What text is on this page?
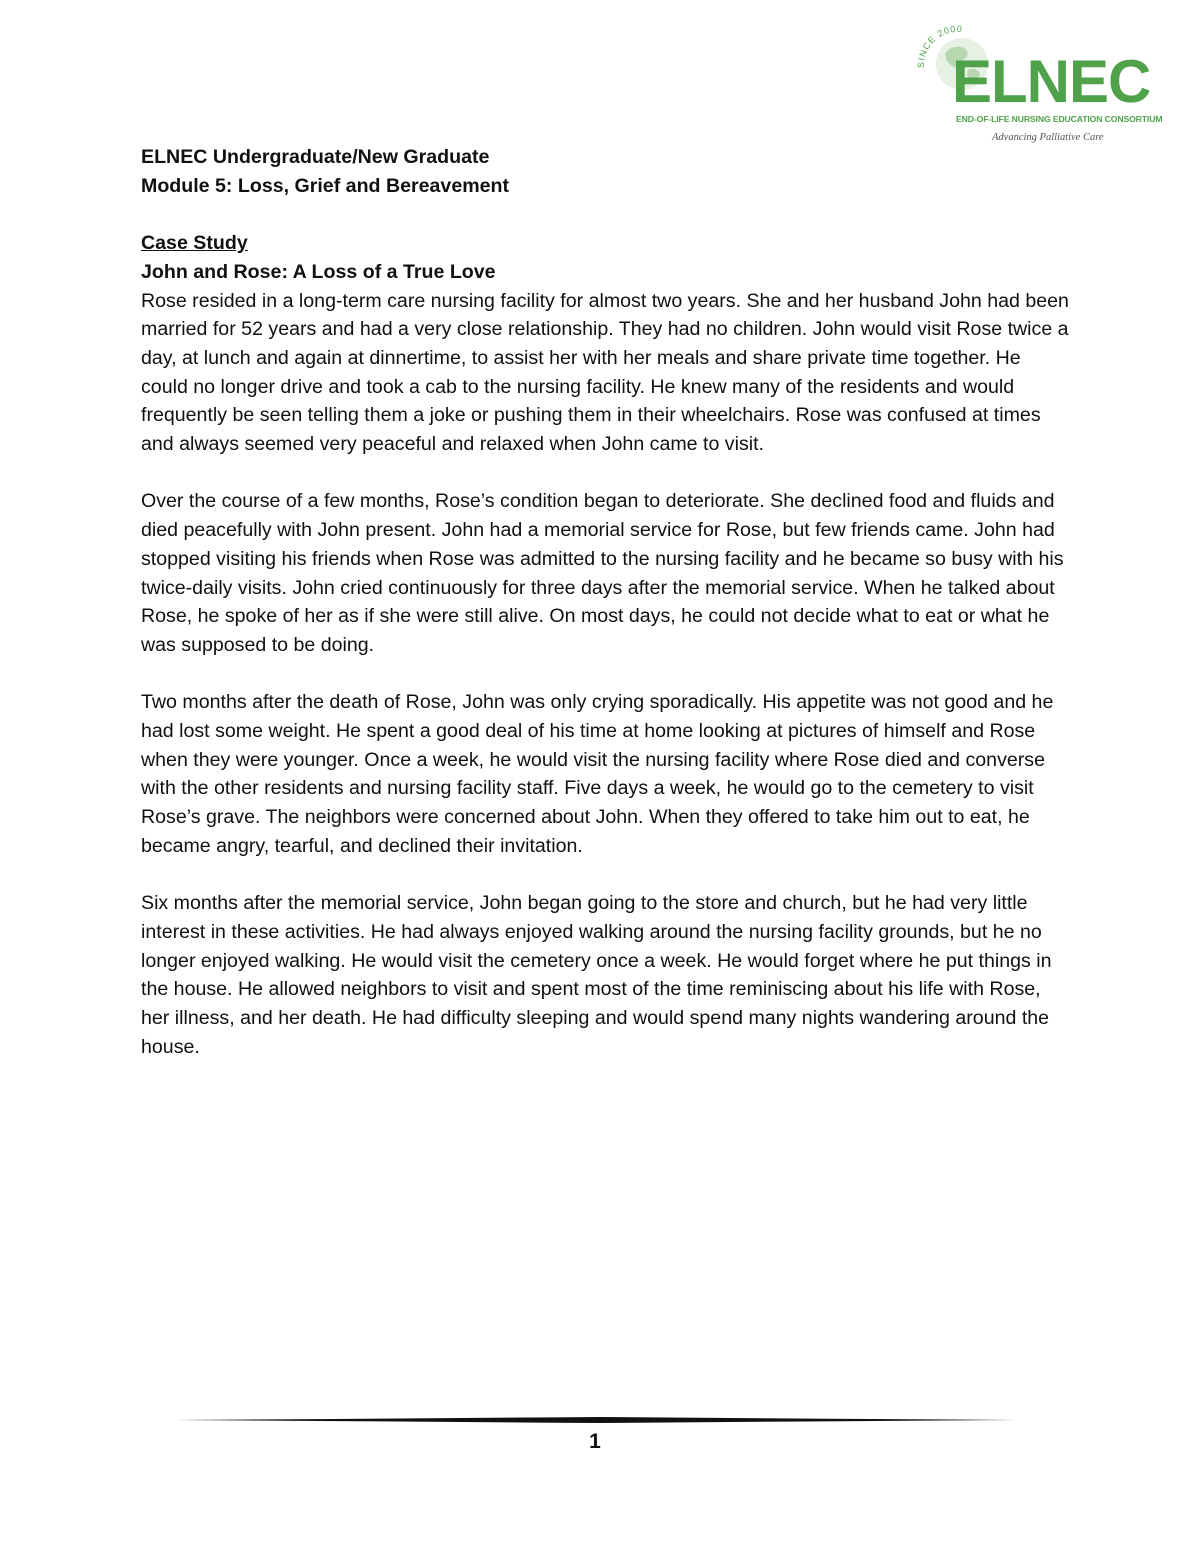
SINCE 2000
ELNEC
END-OF-LIFE NURSING EDUCATION CONSORTIUM
Advancing Palliative Care
ELNEC Undergraduate/New Graduate
Module 5: Loss, Grief and Bereavement
Case Study
John and Rose: A Loss of a True Love

Rose resided in a long-term care nursing facility for almost two years. She and her husband John had been married for 52 years and had a very close relationship. They had no children. John would visit Rose twice a day, at lunch and again at dinnertime, to assist her with her meals and share private time together. He could no longer drive and took a cab to the nursing facility. He knew many of the residents and would frequently be seen telling them a joke or pushing them in their wheelchairs. Rose was confused at times and always seemed very peaceful and relaxed when John came to visit.

Over the course of a few months, Rose’s condition began to deteriorate. She declined food and fluids and died peacefully with John present. John had a memorial service for Rose, but few friends came. John had stopped visiting his friends when Rose was admitted to the nursing facility and he became so busy with his twice-daily visits. John cried continuously for three days after the memorial service. When he talked about Rose, he spoke of her as if she were still alive. On most days, he could not decide what to eat or what he was supposed to be doing.

Two months after the death of Rose, John was only crying sporadically. His appetite was not good and he had lost some weight. He spent a good deal of his time at home looking at pictures of himself and Rose when they were younger. Once a week, he would visit the nursing facility where Rose died and converse with the other residents and nursing facility staff. Five days a week, he would go to the cemetery to visit Rose’s grave. The neighbors were concerned about John. When they offered to take him out to eat, he became angry, tearful, and declined their invitation.

Six months after the memorial service, John began going to the store and church, but he had very little interest in these activities. He had always enjoyed walking around the nursing facility grounds, but he no longer enjoyed walking. He would visit the cemetery once a week. He would forget where he put things in the house. He allowed neighbors to visit and spent most of the time reminiscing about his life with Rose, her illness, and her death. He had difficulty sleeping and would spend many nights wandering around the house.

1
